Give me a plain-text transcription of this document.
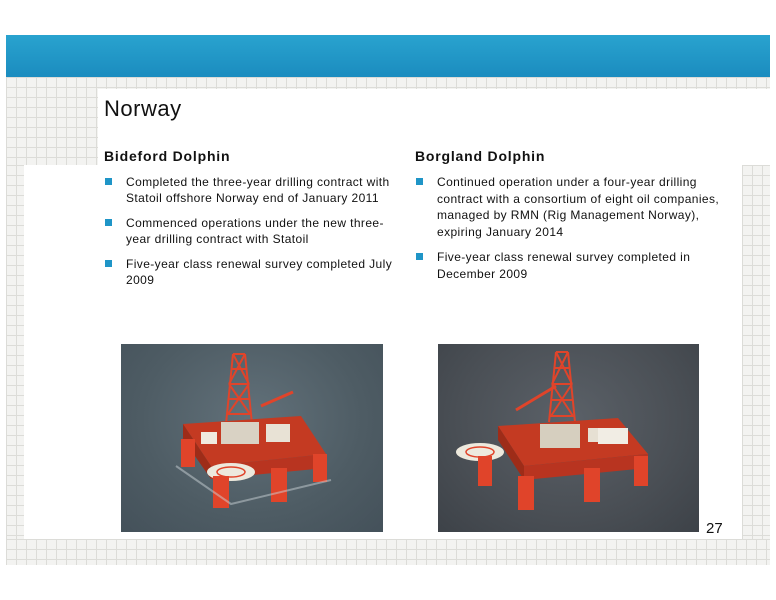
Norway
Bideford Dolphin
Completed the three-year drilling contract with Statoil offshore Norway end of January 2011
Commenced operations under the new three-year drilling contract with Statoil
Five-year class renewal survey completed July 2009
Borgland Dolphin
Continued operation under a four-year drilling contract with a consortium of eight oil companies, managed by RMN (Rig Management Norway), expiring January 2014
Five-year class renewal survey completed in December 2009
27
